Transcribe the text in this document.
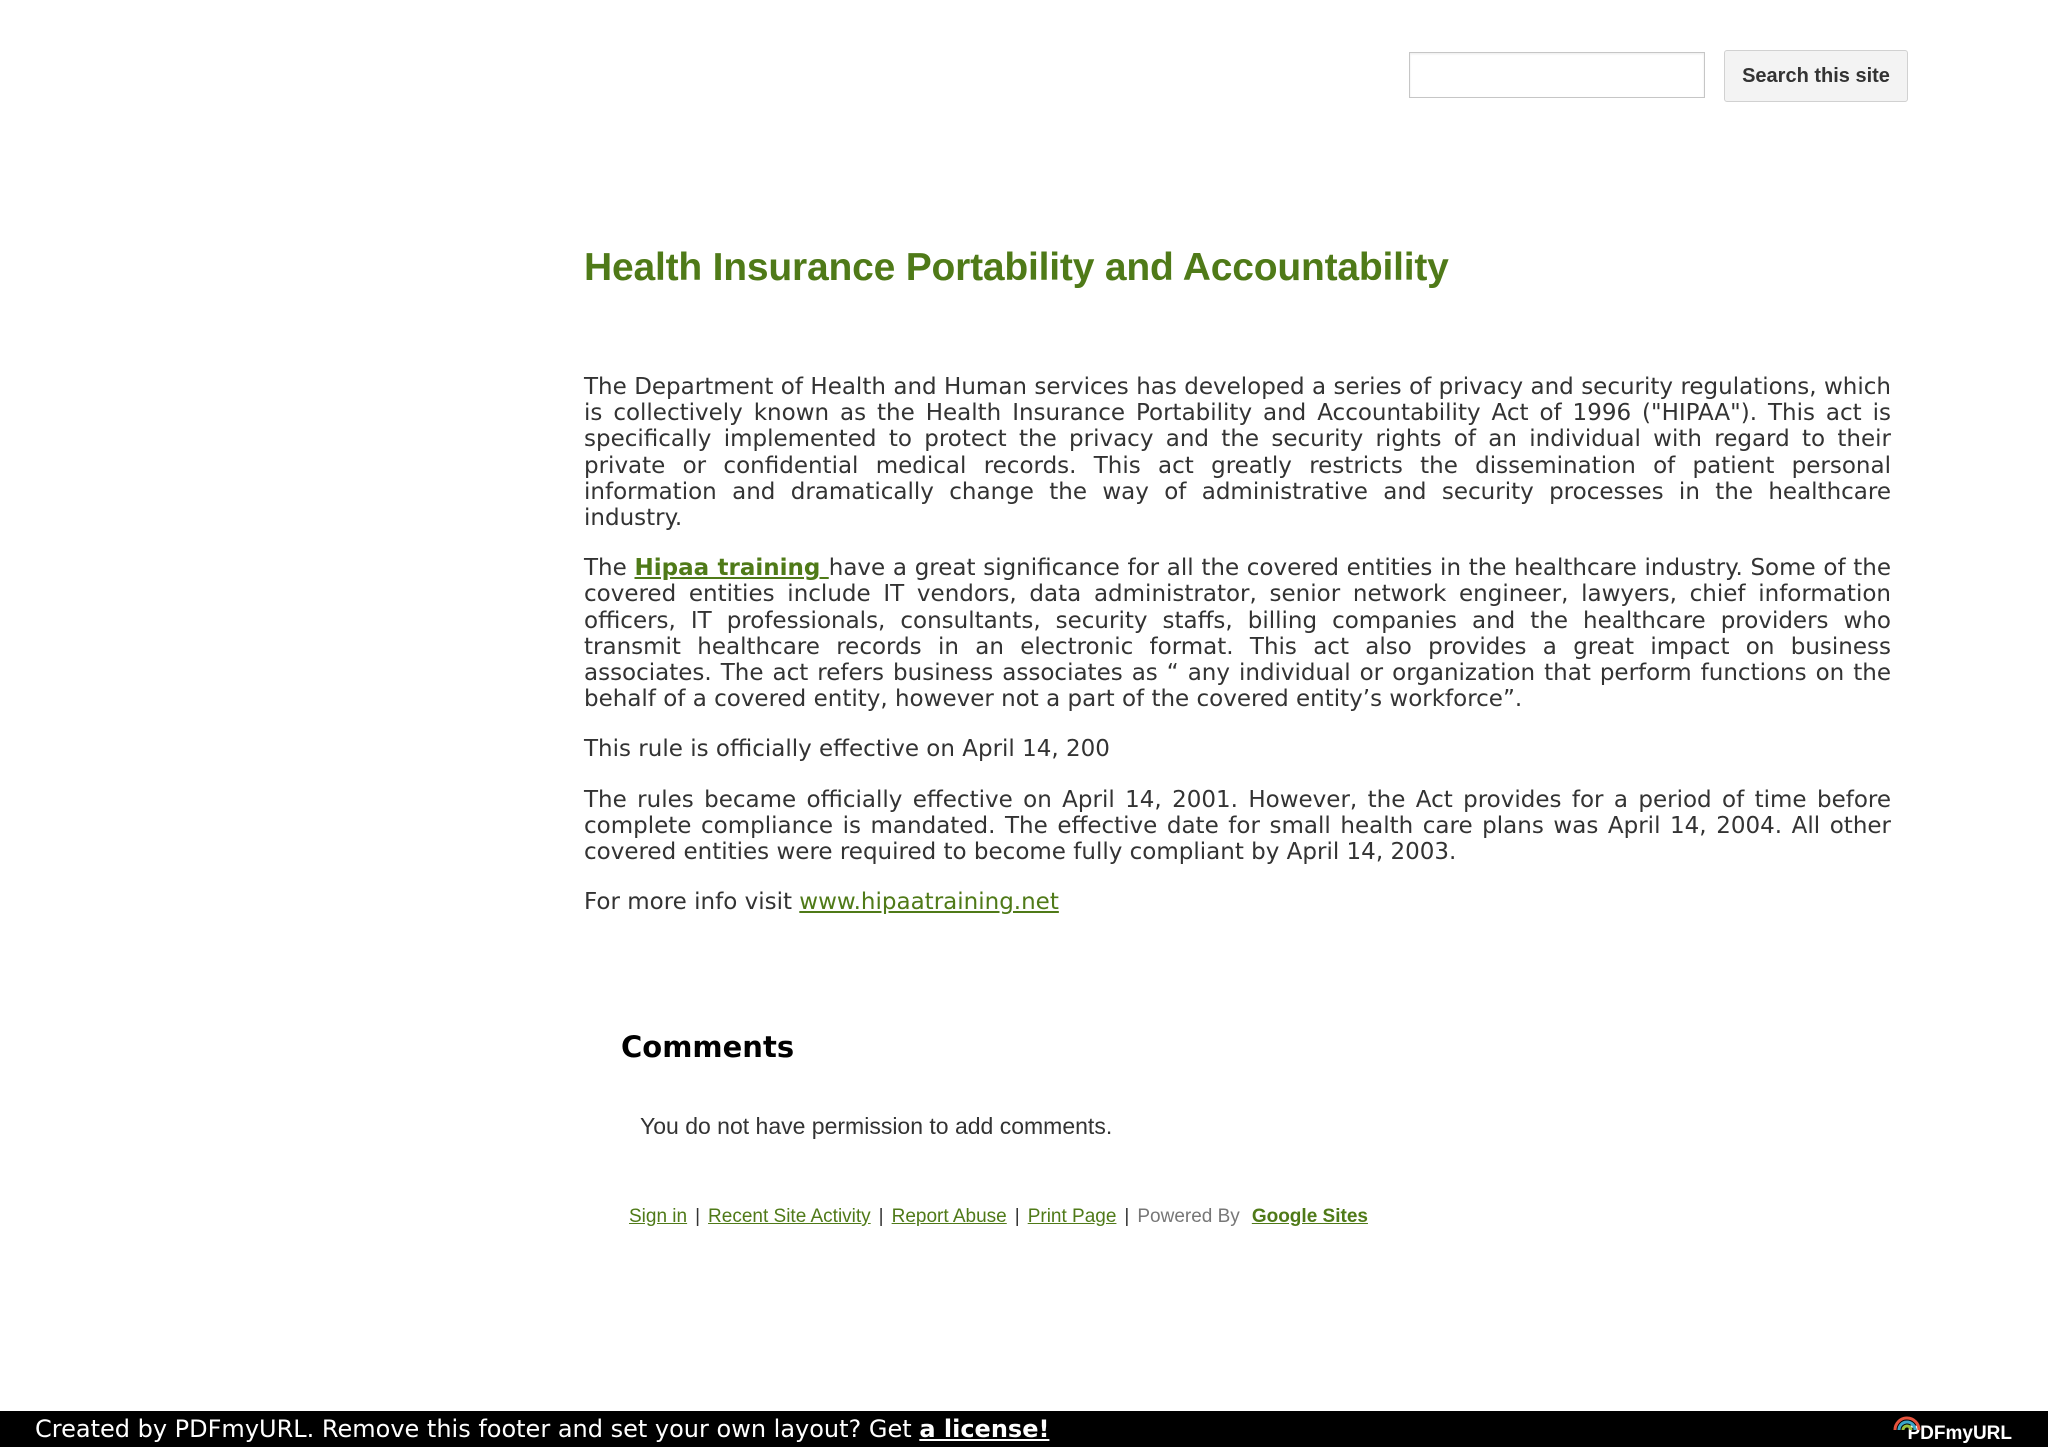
Search this site
Health Insurance Portability and Accountability

The Department of Health and Human services has developed a series of privacy and security regulations, which is collectively known as the Health Insurance Portability and Accountability Act of 1996 ("HIPAA"). This act is specifically implemented to protect the privacy and the security rights of an individual with regard to their private or confidential medical records. This act greatly restricts the dissemination of patient personal information and dramatically change the way of administrative and security processes in the healthcare industry.

The Hipaa training have a great significance for all the covered entities in the healthcare industry. Some of the covered entities include IT vendors, data administrator, senior network engineer, lawyers, chief information officers, IT professionals, consultants, security staffs, billing companies and the healthcare providers who transmit healthcare records in an electronic format. This act also provides a great impact on business associates. The act refers business associates as “ any individual or organization that perform functions on the behalf of a covered entity, however not a part of the covered entity’s workforce”.

This rule is officially effective on April 14, 200

The rules became officially effective on April 14, 2001. However, the Act provides for a period of time before complete compliance is mandated. The effective date for small health care plans was April 14, 2004. All other covered entities were required to become fully compliant by April 14, 2003.

For more info visit www.hipaatraining.net

Comments
You do not have permission to add comments.
Sign in | Recent Site Activity | Report Abuse | Print Page | Powered By Google Sites
Created by PDFmyURL. Remove this footer and set your own layout? Get a license!	PDFmyURL
